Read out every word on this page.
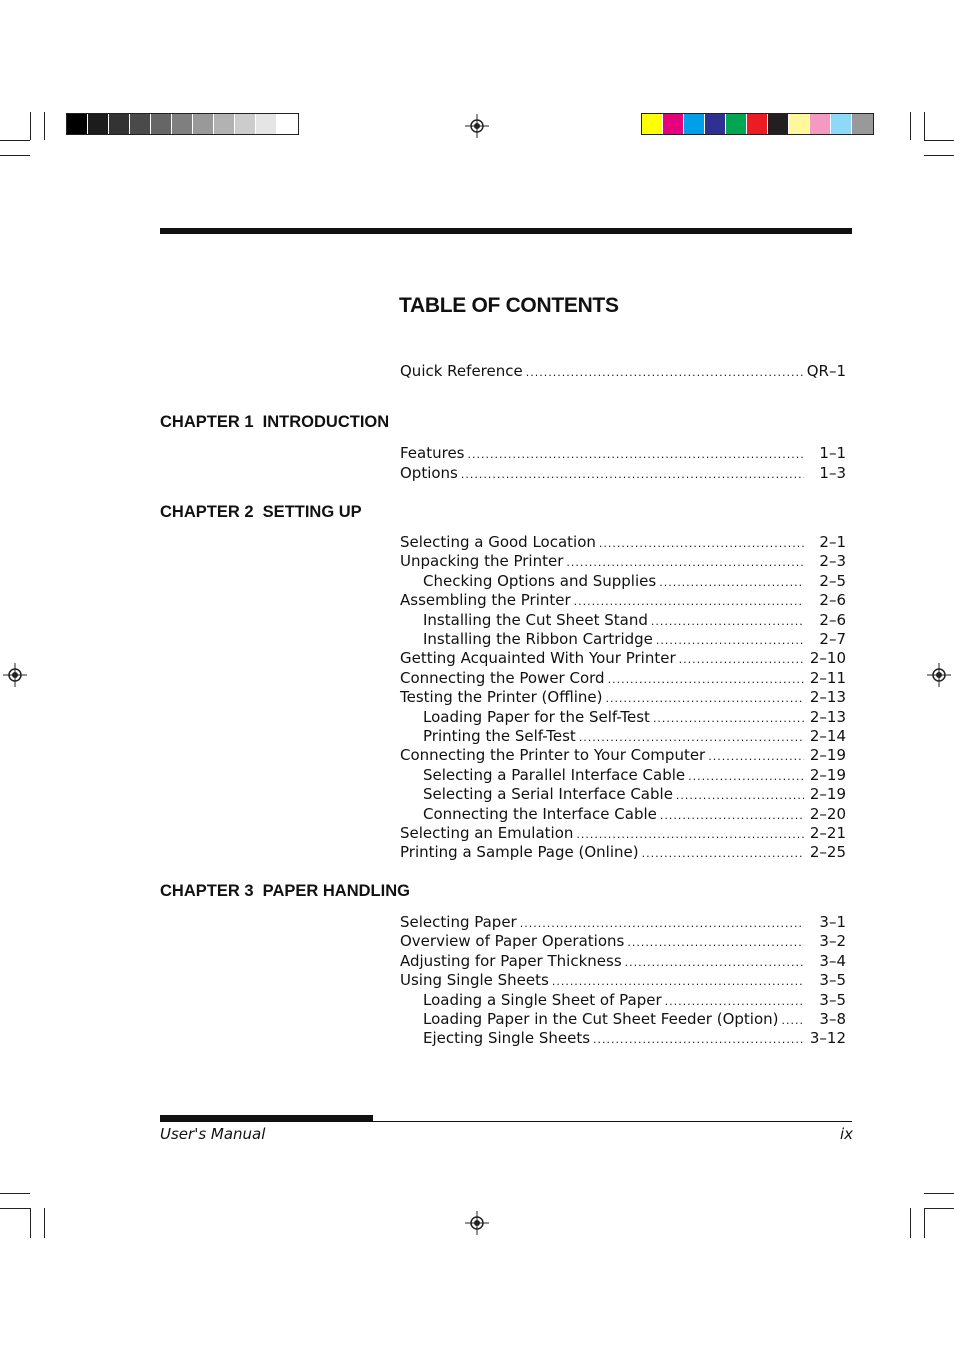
TABLE OF CONTENTS
Quick Reference .....	QR–1
CHAPTER 1  INTRODUCTION
Features .....	1–1
Options .....	1–3
CHAPTER 2  SETTING UP
Selecting a Good Location .....	2–1
Unpacking the Printer .....	2–3
Checking Options and Supplies .....	2–5
Assembling the Printer .....	2–6
Installing the Cut Sheet Stand .....	2–6
Installing the Ribbon Cartridge .....	2–7
Getting Acquainted With Your Printer .....	2–10
Connecting the Power Cord .....	2–11
Testing the Printer (Offline) .....	2–13
Loading Paper for the Self-Test .....	2–13
Printing the Self-Test .....	2–14
Connecting the Printer to Your Computer .....	2–19
Selecting a Parallel Interface Cable .....	2–19
Selecting a Serial Interface Cable .....	2–19
Connecting the Interface Cable .....	2–20
Selecting an Emulation .....	2–21
Printing a Sample Page (Online) .....	2–25
CHAPTER 3  PAPER HANDLING
Selecting Paper .....	3–1
Overview of Paper Operations .....	3–2
Adjusting for Paper Thickness .....	3–4
Using Single Sheets .....	3–5
Loading a Single Sheet of Paper .....	3–5
Loading Paper in the Cut Sheet Feeder (Option) .....	3–8
Ejecting Single Sheets .....	3–12
User's Manual	ix
